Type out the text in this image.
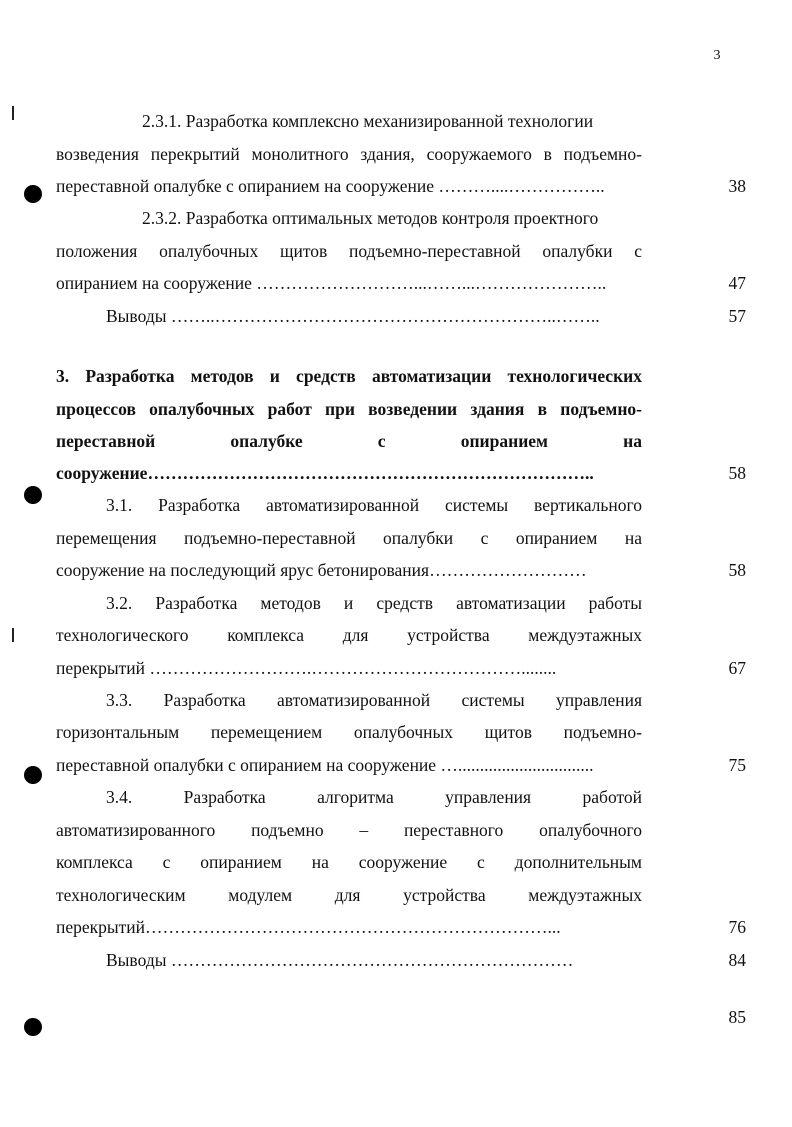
3
2.3.1. Разработка комплексно механизированной технологии
возведения перекрытий монолитного здания, сооружаемого в подъемно-
переставной опалубке с опиранием на сооружение ………....……………..	38
2.3.2. Разработка оптимальных методов контроля проектного
положения опалубочных щитов подъемно-переставной опалубки с
опиранием на сооружение ………………………...……...…………………..	47
Выводы ……..…………………………………………………..……..	57
3. Разработка методов и средств автоматизации технологических
процессов опалубочных работ при возведении здания в подъемно-
переставной	опалубке	с	опиранием	на
сооружение…………………………………………………………………..	58
3.1. Разработка автоматизированной системы вертикального
перемещения подъемно-переставной опалубки с опиранием на
сооружение на последующий ярус бетонирования………………………	58
3.2. Разработка методов и средств автоматизации работы
технологического комплекса для устройства междуэтажных
перекрытий ……………………….………………………………........	67
3.3. Разработка автоматизированной системы управления
горизонтальным перемещением опалубочных щитов подъемно-
переставной опалубки с опиранием на сооружение …...............................	75
3.4. Разработка алгоритма управления работой
автоматизированного подъемно – переставного опалубочного
комплекса с опиранием на сооружение с дополнительным
технологическим модулем для устройства междуэтажных
перекрытий……………………………………………………………...	76
Выводы ……………………………………………………………	84
85
